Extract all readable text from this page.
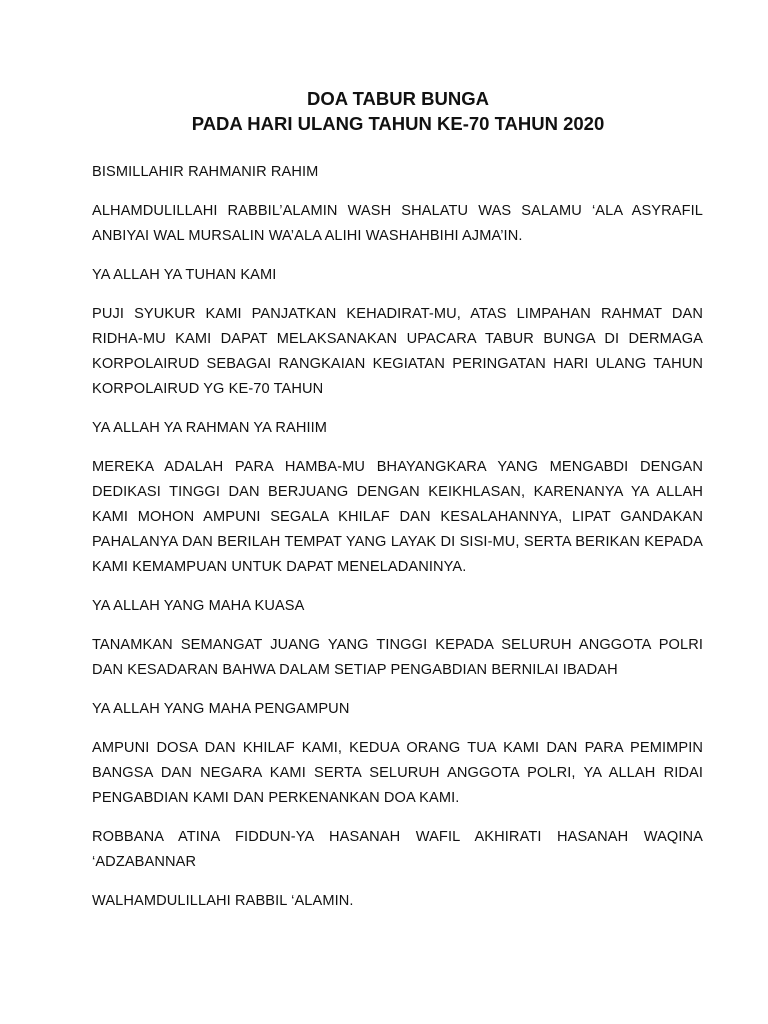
DOA TABUR BUNGA
PADA HARI ULANG TAHUN KE-70 TAHUN 2020

BISMILLAHIR RAHMANIR RAHIM

ALHAMDULILLAHI RABBIL’ALAMIN WASH SHALATU WAS SALAMU ‘ALA ASYRAFIL ANBIYAI WAL MURSALIN WA’ALA ALIHI WASHAHBIHI AJMA’IN.

YA ALLAH YA TUHAN KAMI

PUJI SYUKUR KAMI PANJATKAN KEHADIRAT-MU, ATAS LIMPAHAN RAHMAT DAN RIDHA-MU KAMI DAPAT MELAKSANAKAN UPACARA TABUR BUNGA DI DERMAGA KORPOLAIRUD SEBAGAI RANGKAIAN KEGIATAN PERINGATAN HARI ULANG TAHUN KORPOLAIRUD YG KE-70 TAHUN

YA ALLAH YA RAHMAN YA RAHIIM

MEREKA ADALAH PARA HAMBA-MU BHAYANGKARA YANG MENGABDI DENGAN DEDIKASI TINGGI DAN BERJUANG DENGAN KEIKHLASAN, KARENANYA YA ALLAH KAMI MOHON AMPUNI SEGALA KHILAF DAN KESALAHANNYA, LIPAT GANDAKAN PAHALANYA DAN BERILAH TEMPAT YANG LAYAK DI SISI-MU, SERTA BERIKAN KEPADA KAMI KEMAMPUAN UNTUK DAPAT MENELADANINYA.

YA ALLAH YANG MAHA KUASA

TANAMKAN SEMANGAT JUANG YANG TINGGI KEPADA SELURUH ANGGOTA POLRI DAN KESADARAN BAHWA DALAM SETIAP PENGABDIAN BERNILAI IBADAH

YA ALLAH YANG MAHA PENGAMPUN

AMPUNI DOSA DAN KHILAF KAMI, KEDUA ORANG TUA KAMI DAN PARA PEMIMPIN BANGSA DAN NEGARA KAMI SERTA SELURUH ANGGOTA POLRI, YA ALLAH RIDAI PENGABDIAN KAMI DAN PERKENANKAN DOA KAMI.

ROBBANA ATINA FIDDUN-YA HASANAH WAFIL AKHIRATI HASANAH WAQINA ‘ADZABANNAR

WALHAMDULILLAHI RABBIL ‘ALAMIN.
